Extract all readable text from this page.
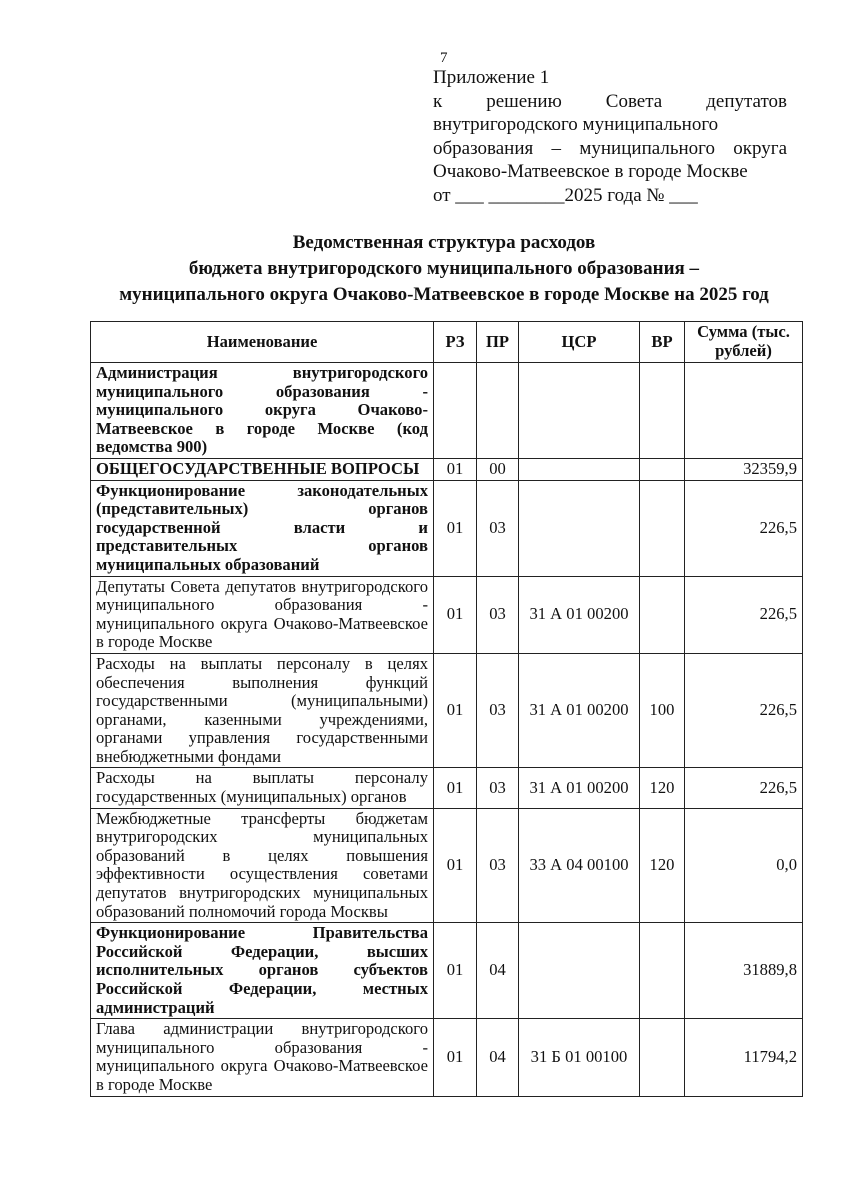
7
Приложение 1
к решению Совета депутатов
внутригородского муниципального
образования – муниципального округа
Очаково-Матвеевское в городе Москве
от ___ ________2025 года № ___
Ведомственная структура расходов
бюджета внутригородского муниципального образования –
муниципального округа Очаково-Матвеевское в городе Москве на 2025 год
Наименование	РЗ	ПР	ЦСР	ВР	Сумма (тыс. рублей)
Администрация внутригородского муниципального образования - муниципального округа Очаково-Матвеевское в городе Москве (код ведомства 900)					
ОБЩЕГОСУДАРСТВЕННЫЕ ВОПРОСЫ	01	00			32359,9
Функционирование законодательных (представительных) органов государственной власти и представительных органов муниципальных образований	01	03			226,5
Депутаты Совета депутатов внутригородского муниципального образования - муниципального округа Очаково-Матвеевское в городе Москве	01	03	31 А 01 00200		226,5
Расходы на выплаты персоналу в целях обеспечения выполнения функций государственными (муниципальными) органами, казенными учреждениями, органами управления государственными внебюджетными фондами	01	03	31 А 01 00200	100	226,5
Расходы на выплаты персоналу государственных (муниципальных) органов	01	03	31 А 01 00200	120	226,5
Межбюджетные трансферты бюджетам внутригородских муниципальных образований в целях повышения эффективности осуществления советами депутатов внутригородских муниципальных образований полномочий города Москвы	01	03	33 А 04 00100	120	0,0
Функционирование Правительства Российской Федерации, высших исполнительных органов субъектов Российской Федерации, местных администраций	01	04			31889,8
Глава администрации внутригородского муниципального образования - муниципального округа Очаково-Матвеевское в городе Москве	01	04	31 Б 01 00100		11794,2
